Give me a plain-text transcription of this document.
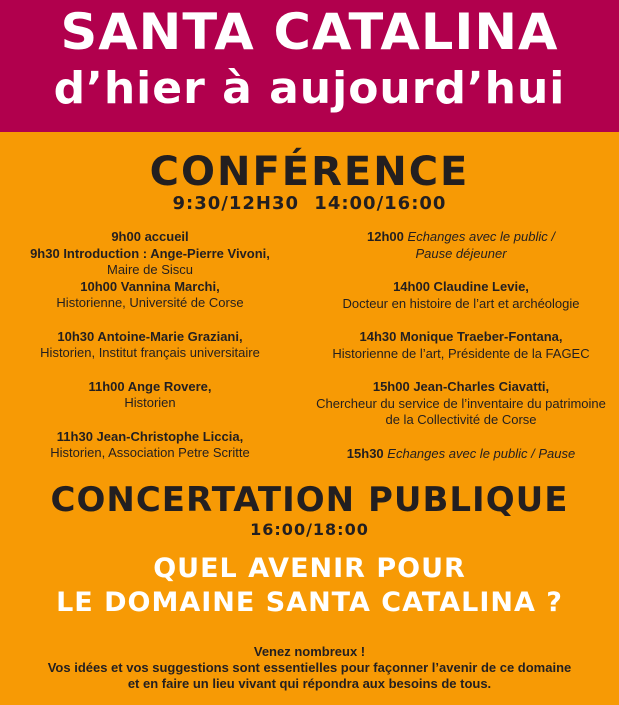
SANTA CATALINA
d’hier à aujourd’hui
CONFÉRENCE
9:30/12H30 14:00/16:00
9h00 accueil
9h30 Introduction : Ange-Pierre Vivoni,
Maire de Siscu
10h00 Vannina Marchi,
Historienne, Université de Corse
10h30 Antoine-Marie Graziani,
Historien, Institut français universitaire
11h00 Ange Rovere,
Historien
11h30 Jean-Christophe Liccia,
Historien, Association Petre Scritte
12h00 Echanges avec le public /
Pause déjeuner
14h00 Claudine Levie,
Docteur en histoire de l’art et archéologie
14h30 Monique Traeber-Fontana,
Historienne de l’art, Présidente de la FAGEC
15h00 Jean-Charles Ciavatti,
Chercheur du service de l’inventaire du patrimoine
de la Collectivité de Corse
15h30 Echanges avec le public / Pause
CONCERTATION PUBLIQUE
16:00/18:00
QUEL AVENIR POUR
LE DOMAINE SANTA CATALINA ?
Venez nombreux !
Vos idées et vos suggestions sont essentielles pour façonner l’avenir de ce domaine
et en faire un lieu vivant qui répondra aux besoins de tous.
